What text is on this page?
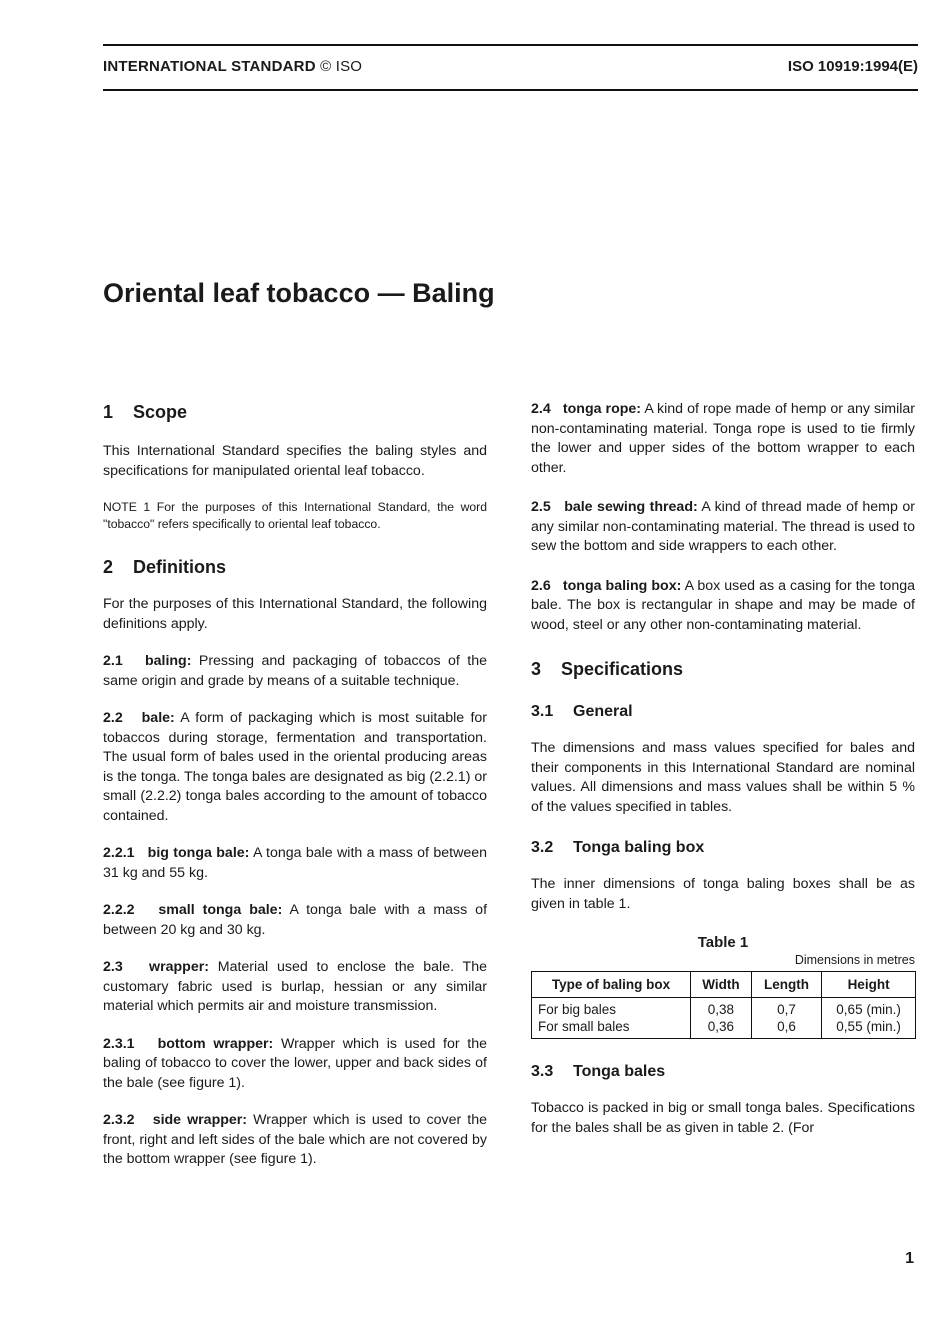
INTERNATIONAL STANDARD © ISO	ISO 10919:1994(E)
Oriental leaf tobacco — Baling
1 Scope

This International Standard specifies the baling styles and specifications for manipulated oriental leaf tobacco.

NOTE 1 For the purposes of this International Standard, the word "tobacco" refers specifically to oriental leaf tobacco.

2 Definitions

For the purposes of this International Standard, the following definitions apply.

2.1 baling: Pressing and packaging of tobaccos of the same origin and grade by means of a suitable technique.

2.2 bale: A form of packaging which is most suitable for tobaccos during storage, fermentation and transportation. The usual form of bales used in the oriental producing areas is the tonga. The tonga bales are designated as big (2.2.1) or small (2.2.2) tonga bales according to the amount of tobacco contained.

2.2.1 big tonga bale: A tonga bale with a mass of between 31 kg and 55 kg.

2.2.2 small tonga bale: A tonga bale with a mass of between 20 kg and 30 kg.

2.3 wrapper: Material used to enclose the bale. The customary fabric used is burlap, hessian or any similar material which permits air and moisture transmission.

2.3.1 bottom wrapper: Wrapper which is used for the baling of tobacco to cover the lower, upper and back sides of the bale (see figure 1).

2.3.2 side wrapper: Wrapper which is used to cover the front, right and left sides of the bale which are not covered by the bottom wrapper (see figure 1).

2.4 tonga rope: A kind of rope made of hemp or any similar non-contaminating material. Tonga rope is used to tie firmly the lower and upper sides of the bottom wrapper to each other.

2.5 bale sewing thread: A kind of thread made of hemp or any similar non-contaminating material. The thread is used to sew the bottom and side wrappers to each other.

2.6 tonga baling box: A box used as a casing for the tonga bale. The box is rectangular in shape and may be made of wood, steel or any other non-contaminating material.

3 Specifications
3.1 General

The dimensions and mass values specified for bales and their components in this International Standard are nominal values. All dimensions and mass values shall be within 5 % of the values specified in tables.

3.2 Tonga baling box

The inner dimensions of tonga baling boxes shall be as given in table 1.

Table 1
Dimensions in metres
Type of baling box	Width	Length	Height
For big bales	0,38	0,7	0,65 (min.)
For small bales	0,36	0,6	0,55 (min.)
3.3 Tonga bales

Tobacco is packed in big or small tonga bales. Specifications for the bales shall be as given in table 2. (For

1
